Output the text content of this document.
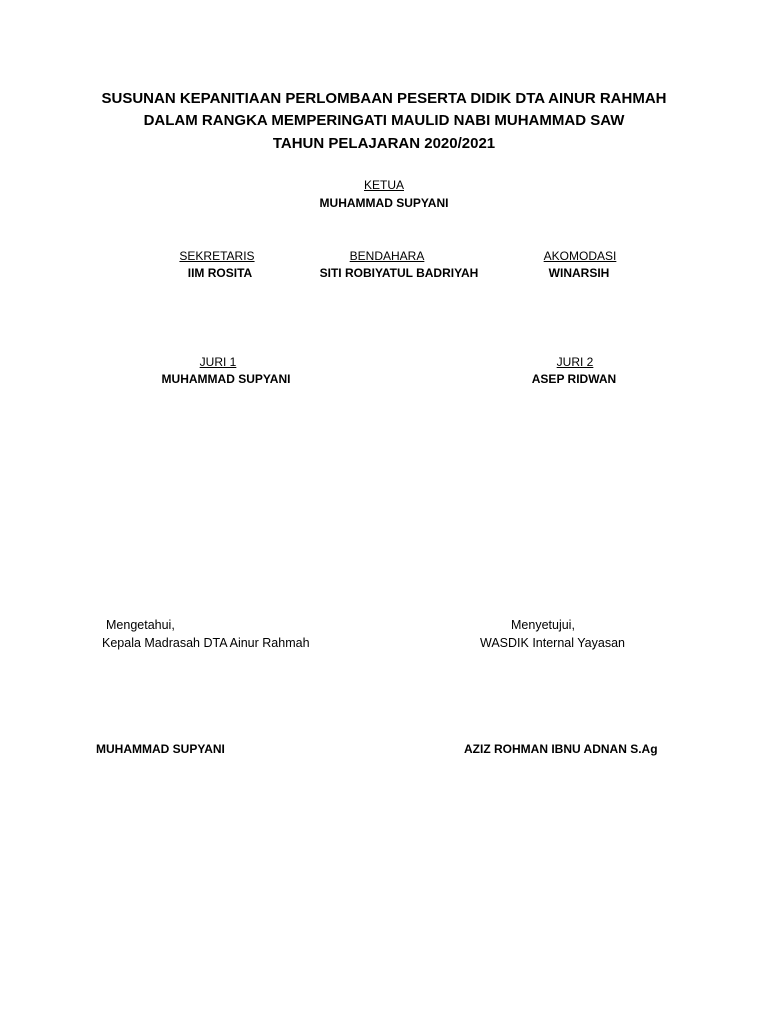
SUSUNAN KEPANITIAAN PERLOMBAAN PESERTA DIDIK DTA AINUR RAHMAH
DALAM RANGKA MEMPERINGATI MAULID NABI MUHAMMAD SAW
TAHUN PELAJARAN 2020/2021
KETUA
MUHAMMAD SUPYANI
SEKRETARIS
IIM ROSITA
BENDAHARA
SITI ROBIYATUL BADRIYAH
AKOMODASI
WINARSIH
JURI 1
MUHAMMAD SUPYANI
JURI 2
ASEP RIDWAN
Mengetahui,
Kepala Madrasah DTA Ainur Rahmah
MUHAMMAD SUPYANI
Menyetujui,
WASDIK Internal Yayasan
AZIZ ROHMAN IBNU ADNAN S.Ag
